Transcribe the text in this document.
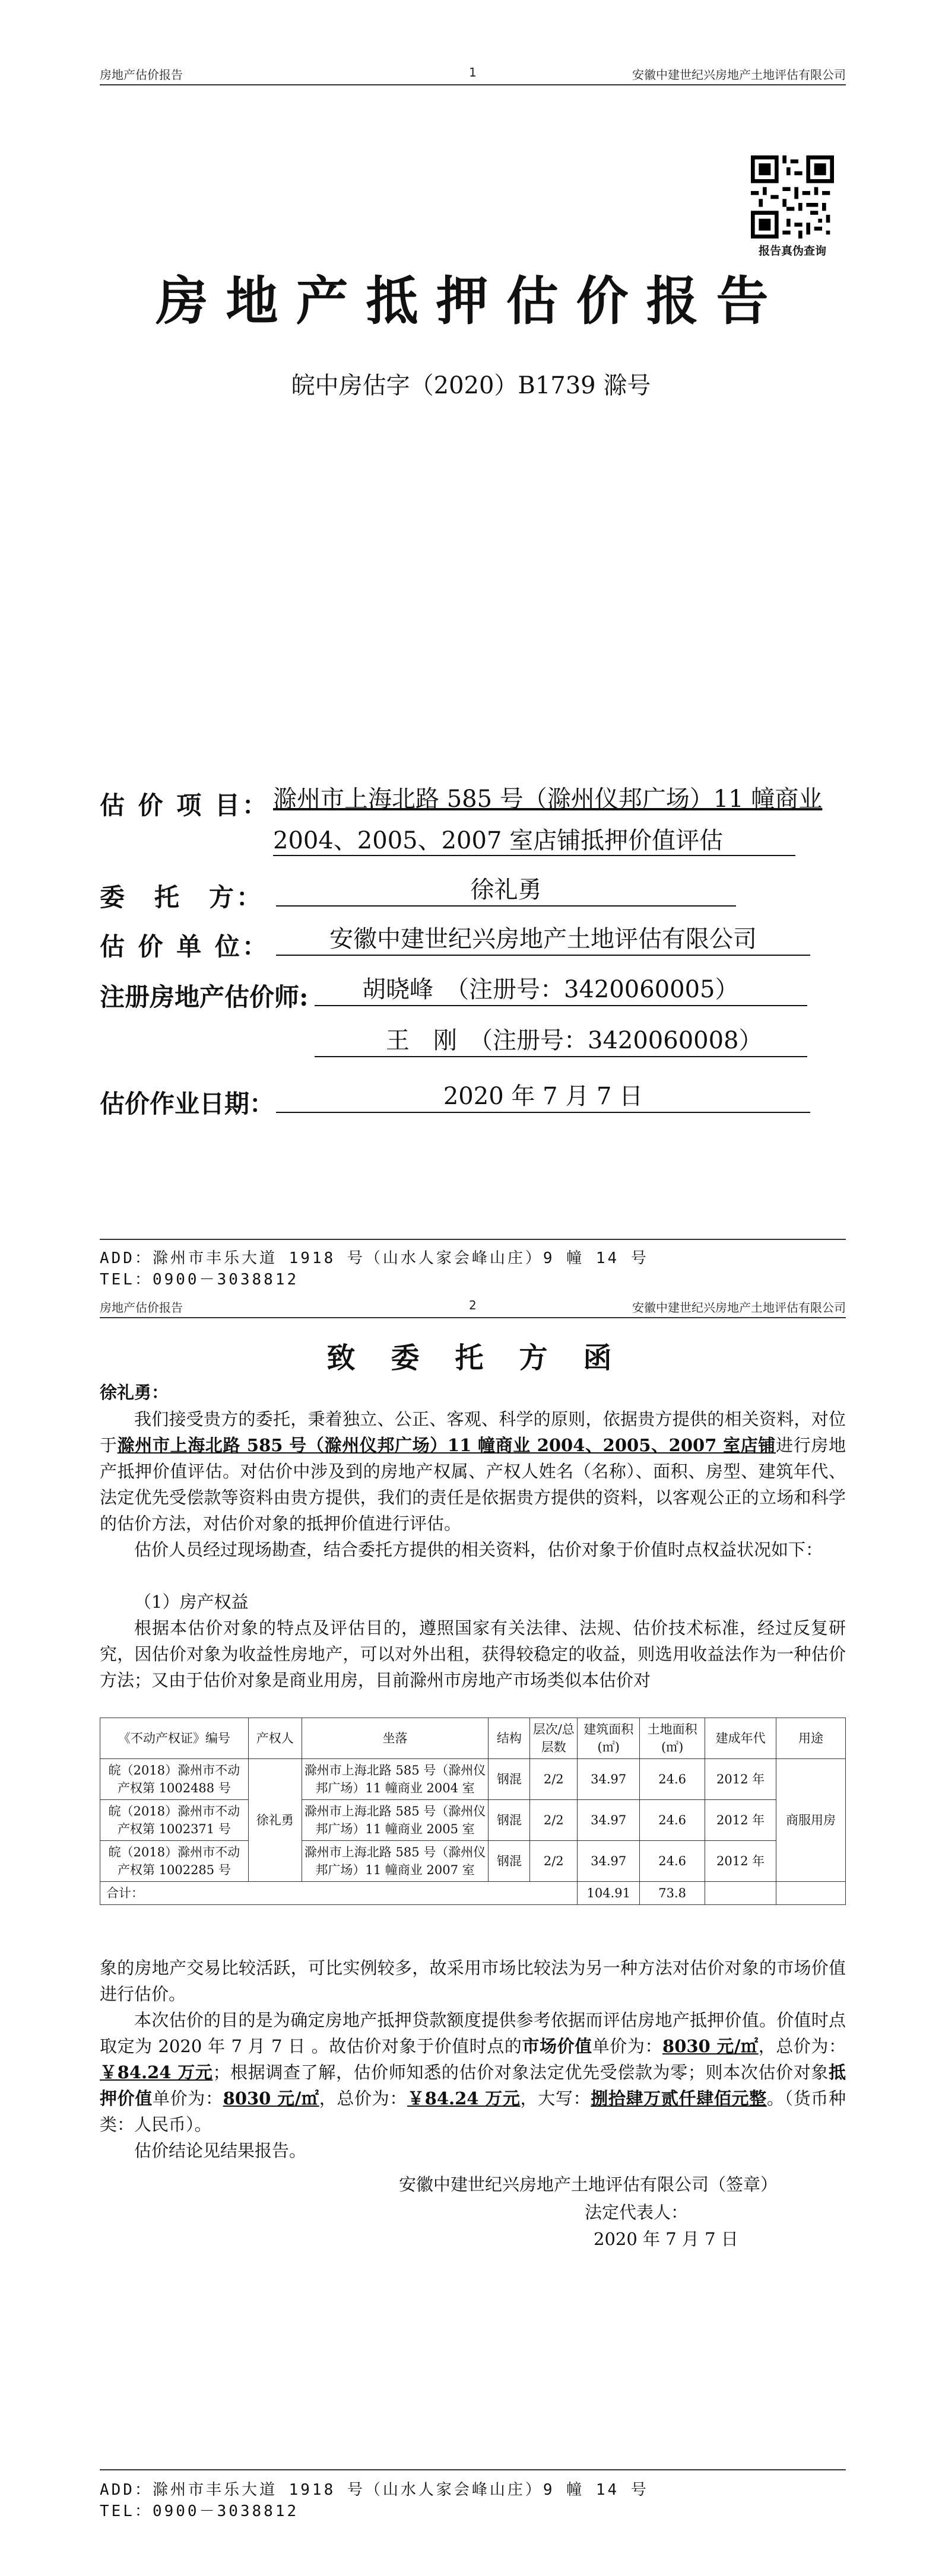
房地产估价报告	1	安徽中建世纪兴房地产土地评估有限公司
报告真伪查询
房地产抵押估价报告
皖中房估字（2020）B1739 滁号
估 价 项 目： 滁州市上海北路 585 号（滁州仪邦广场）11 幢商业
2004、2005、2007 室店铺抵押价值评估
委　托　方：	徐礼勇
估 价 单 位：	安徽中建世纪兴房地产土地评估有限公司
注册房地产估价师:	胡晓峰　（注册号：3420060005）
王　刚　（注册号：3420060008）
估价作业日期：	2020 年 7 月 7 日
ADD：滁州市丰乐大道 1918 号（山水人家会峰山庄）9 幢 14 号
TEL：0900－3038812
房地产估价报告	2	安徽中建世纪兴房地产土地评估有限公司
致　委　托　方　函
徐礼勇：
我们接受贵方的委托，秉着独立、公正、客观、科学的原则，依据贵方提供的相关资料，对位于滁州市上海北路 585 号（滁州仪邦广场）11 幢商业 2004、2005、2007 室店铺进行房地产抵押价值评估。对估价中涉及到的房地产权属、产权人姓名（名称）、面积、房型、建筑年代、法定优先受偿款等资料由贵方提供，我们的责任是依据贵方提供的资料，以客观公正的立场和科学的估价方法，对估价对象的抵押价值进行评估。
估价人员经过现场勘查，结合委托方提供的相关资料，估价对象于价值时点权益状况如下：
（1）房产权益
根据本估价对象的特点及评估目的，遵照国家有关法律、法规、估价技术标准，经过反复研究，因估价对象为收益性房地产，可以对外出租，获得较稳定的收益，则选用收益法作为一种估价方法；又由于估价对象是商业用房，目前滁州市房地产市场类似本估价对
《不动产权证》编号	产权人	坐落	结构	层次/总层数	建筑面积(㎡)	土地面积(㎡)	建成年代	用途
皖（2018）滁州市不动产权第 1002488 号	徐礼勇	滁州市上海北路 585 号（滁州仪邦广场）11 幢商业 2004 室	钢混	2/2	34.97	24.6	2012 年	商服用房
皖（2018）滁州市不动产权第 1002371 号		滁州市上海北路 585 号（滁州仪邦广场）11 幢商业 2005 室	钢混	2/2	34.97	24.6	2012 年	
皖（2018）滁州市不动产权第 1002285 号		滁州市上海北路 585 号（滁州仪邦广场）11 幢商业 2007 室	钢混	2/2	34.97	24.6	2012 年	
合计：					104.91	73.8		
象的房地产交易比较活跃，可比实例较多，故采用市场比较法为另一种方法对估价对象的市场价值进行估价。
本次估价的目的是为确定房地产抵押贷款额度提供参考依据而评估房地产抵押价值。价值时点取定为 2020 年 7 月 7 日 。故估价对象于价值时点的市场价值单价为：8030 元/㎡，总价为：￥84.24 万元；根据调查了解，估价师知悉的估价对象法定优先受偿款为零；则本次估价对象抵押价值单价为：8030 元/㎡，总价为：￥84.24 万元，大写：捌拾肆万贰仟肆佰元整。（货币种类：人民币）。
估价结论见结果报告。
安徽中建世纪兴房地产土地评估有限公司（签章）
法定代表人：
2020 年 7 月 7 日
ADD：滁州市丰乐大道 1918 号（山水人家会峰山庄）9 幢 14 号
TEL：0900－3038812
